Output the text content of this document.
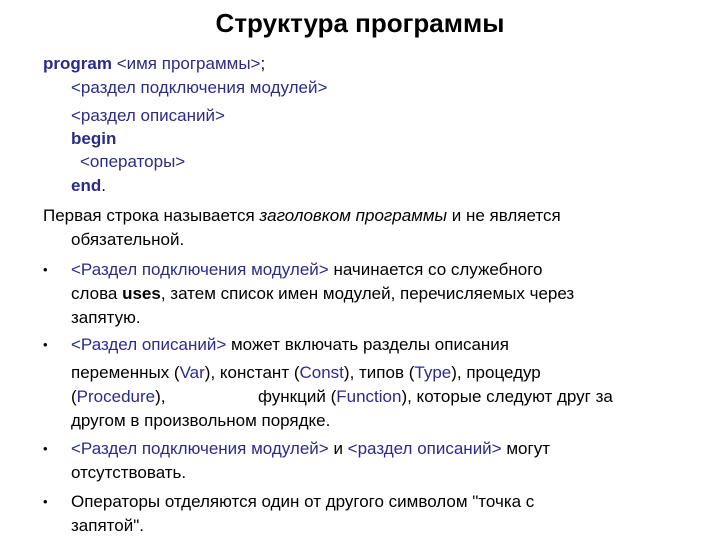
Структура программы
program <имя программы>;
<раздел подключения модулей>
<раздел описаний>
begin
<операторы>
end.
Первая строка называется заголовком программы и не является
обязательной.
• <Раздел подключения модулей> начинается со служебного
слова uses, затем список имен модулей, перечисляемых через
запятую.
• <Раздел описаний> может включать разделы описания
переменных (Var), констант (Const), типов (Type), процедур
(Procedure),	функций (Function), которые следуют друг за
другом в произвольном порядке.
• <Раздел подключения модулей> и <раздел описаний> могут
отсутствовать.
• Операторы отделяются один от другого символом "точка с
запятой".
